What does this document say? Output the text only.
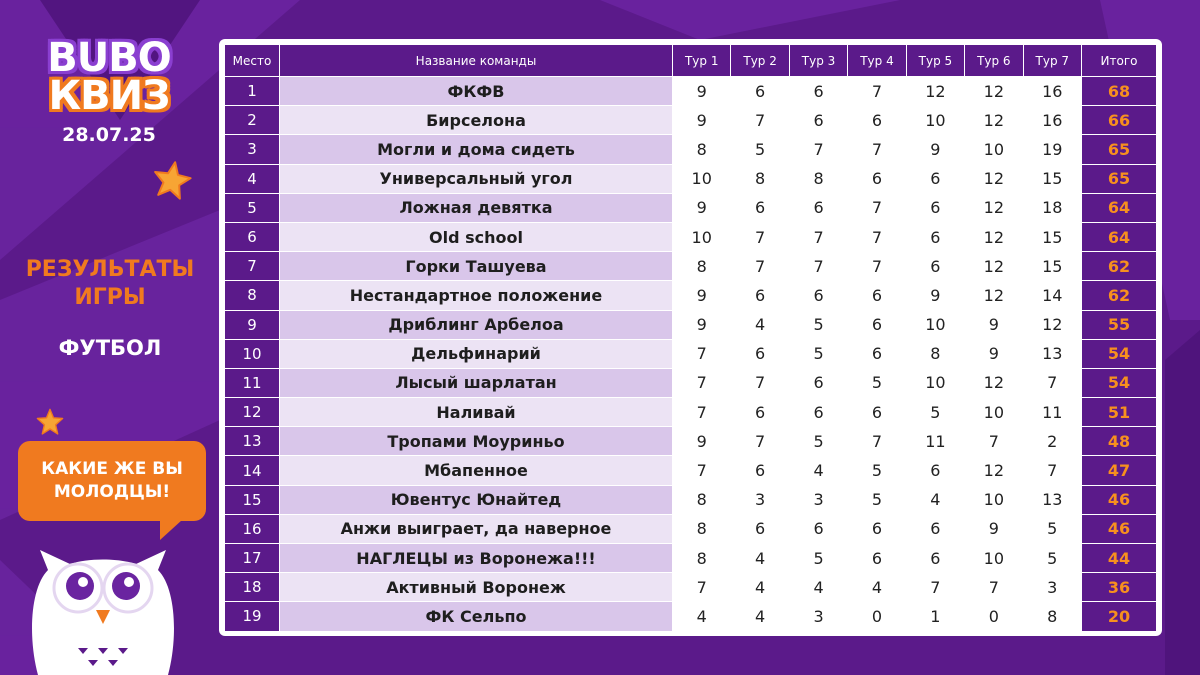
BUBO
КВИЗ
28.07.25
РЕЗУЛЬТАТЫ
ИГРЫ
ФУТБОЛ
КАКИЕ ЖЕ ВЫ
МОЛОДЦЫ!
Место	Название команды	Тур 1	Тур 2	Тур 3	Тур 4	Тур 5	Тур 6	Тур 7	Итого
1	ФКФВ	9	6	6	7	12	12	16	68
2	Бирселона	9	7	6	6	10	12	16	66
3	Могли и дома сидеть	8	5	7	7	9	10	19	65
4	Универсальный угол	10	8	8	6	6	12	15	65
5	Ложная девятка	9	6	6	7	6	12	18	64
6	Old school	10	7	7	7	6	12	15	64
7	Горки Ташуева	8	7	7	7	6	12	15	62
8	Нестандартное положение	9	6	6	6	9	12	14	62
9	Дриблинг Арбелоа	9	4	5	6	10	9	12	55
10	Дельфинарий	7	6	5	6	8	9	13	54
11	Лысый шарлатан	7	7	6	5	10	12	7	54
12	Наливай	7	6	6	6	5	10	11	51
13	Тропами Моуриньо	9	7	5	7	11	7	2	48
14	Мбапенное	7	6	4	5	6	12	7	47
15	Ювентус Юнайтед	8	3	3	5	4	10	13	46
16	Анжи выиграет, да наверное	8	6	6	6	6	9	5	46
17	НАГЛЕЦЫ из Воронежа!!!	8	4	5	6	6	10	5	44
18	Активный Воронеж	7	4	4	4	7	7	3	36
19	ФК Сельпо	4	4	3	0	1	0	8	20
